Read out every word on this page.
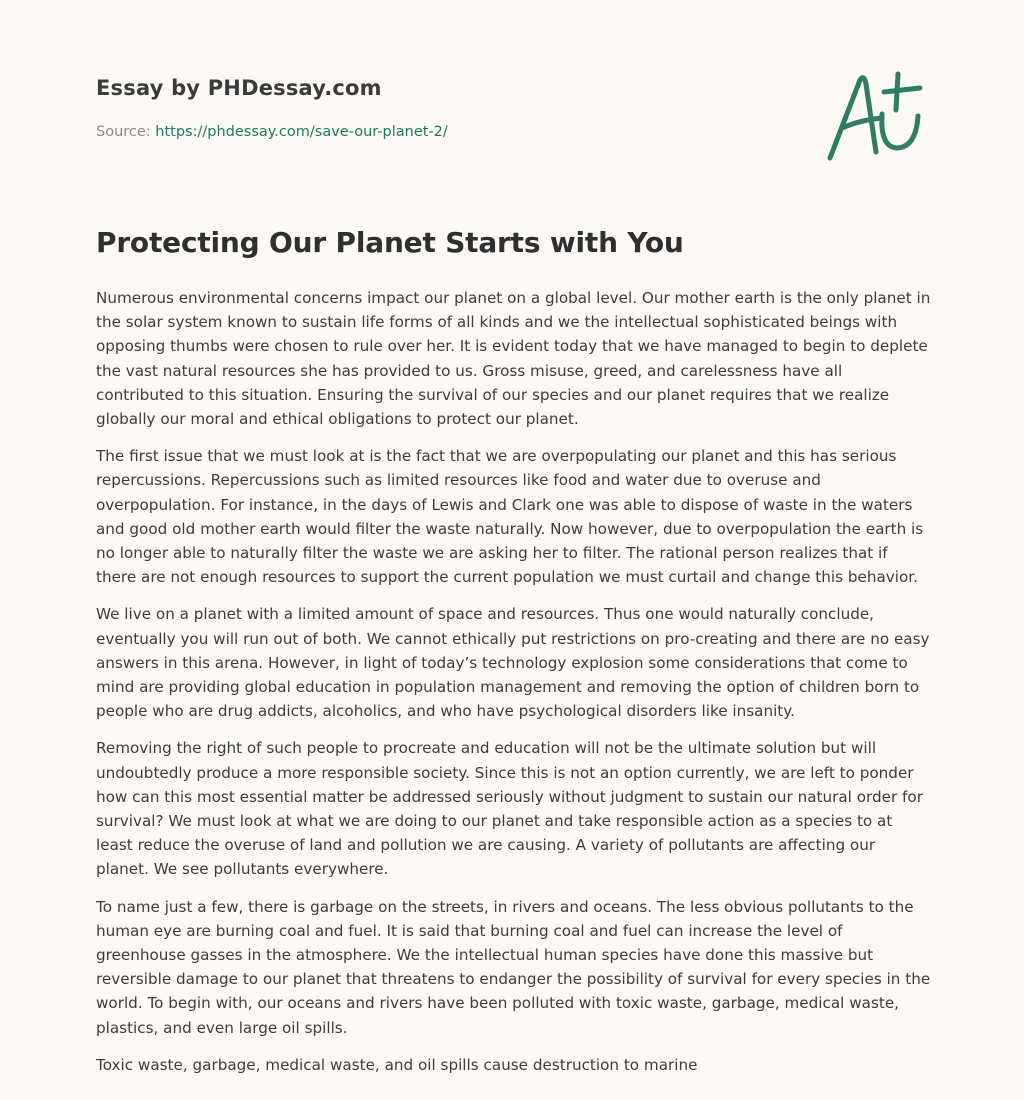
Essay by PHDessay.com
Source: https://phdessay.com/save-our-planet-2/
Protecting Our Planet Starts with You

Numerous environmental concerns impact our planet on a global level. Our mother earth is the only planet in the solar system known to sustain life forms of all kinds and we the intellectual sophisticated beings with opposing thumbs were chosen to rule over her. It is evident today that we have managed to begin to deplete the vast natural resources she has provided to us. Gross misuse, greed, and carelessness have all contributed to this situation. Ensuring the survival of our species and our planet requires that we realize globally our moral and ethical obligations to protect our planet.

The first issue that we must look at is the fact that we are overpopulating our planet and this has serious repercussions. Repercussions such as limited resources like food and water due to overuse and overpopulation. For instance, in the days of Lewis and Clark one was able to dispose of waste in the waters and good old mother earth would filter the waste naturally. Now however, due to overpopulation the earth is no longer able to naturally filter the waste we are asking her to filter. The rational person realizes that if there are not enough resources to support the current population we must curtail and change this behavior.

We live on a planet with a limited amount of space and resources. Thus one would naturally conclude, eventually you will run out of both. We cannot ethically put restrictions on pro-creating and there are no easy answers in this arena. However, in light of today’s technology explosion some considerations that come to mind are providing global education in population management and removing the option of children born to people who are drug addicts, alcoholics, and who have psychological disorders like insanity.

Removing the right of such people to procreate and education will not be the ultimate solution but will undoubtedly produce a more responsible society. Since this is not an option currently, we are left to ponder how can this most essential matter be addressed seriously without judgment to sustain our natural order for survival? We must look at what we are doing to our planet and take responsible action as a species to at least reduce the overuse of land and pollution we are causing. A variety of pollutants are affecting our planet. We see pollutants everywhere.

To name just a few, there is garbage on the streets, in rivers and oceans. The less obvious pollutants to the human eye are burning coal and fuel. It is said that burning coal and fuel can increase the level of greenhouse gasses in the atmosphere. We the intellectual human species have done this massive but reversible damage to our planet that threatens to endanger the possibility of survival for every species in the world. To begin with, our oceans and rivers have been polluted with toxic waste, garbage, medical waste, plastics, and even large oil spills.

Toxic waste, garbage, medical waste, and oil spills cause destruction to marine
